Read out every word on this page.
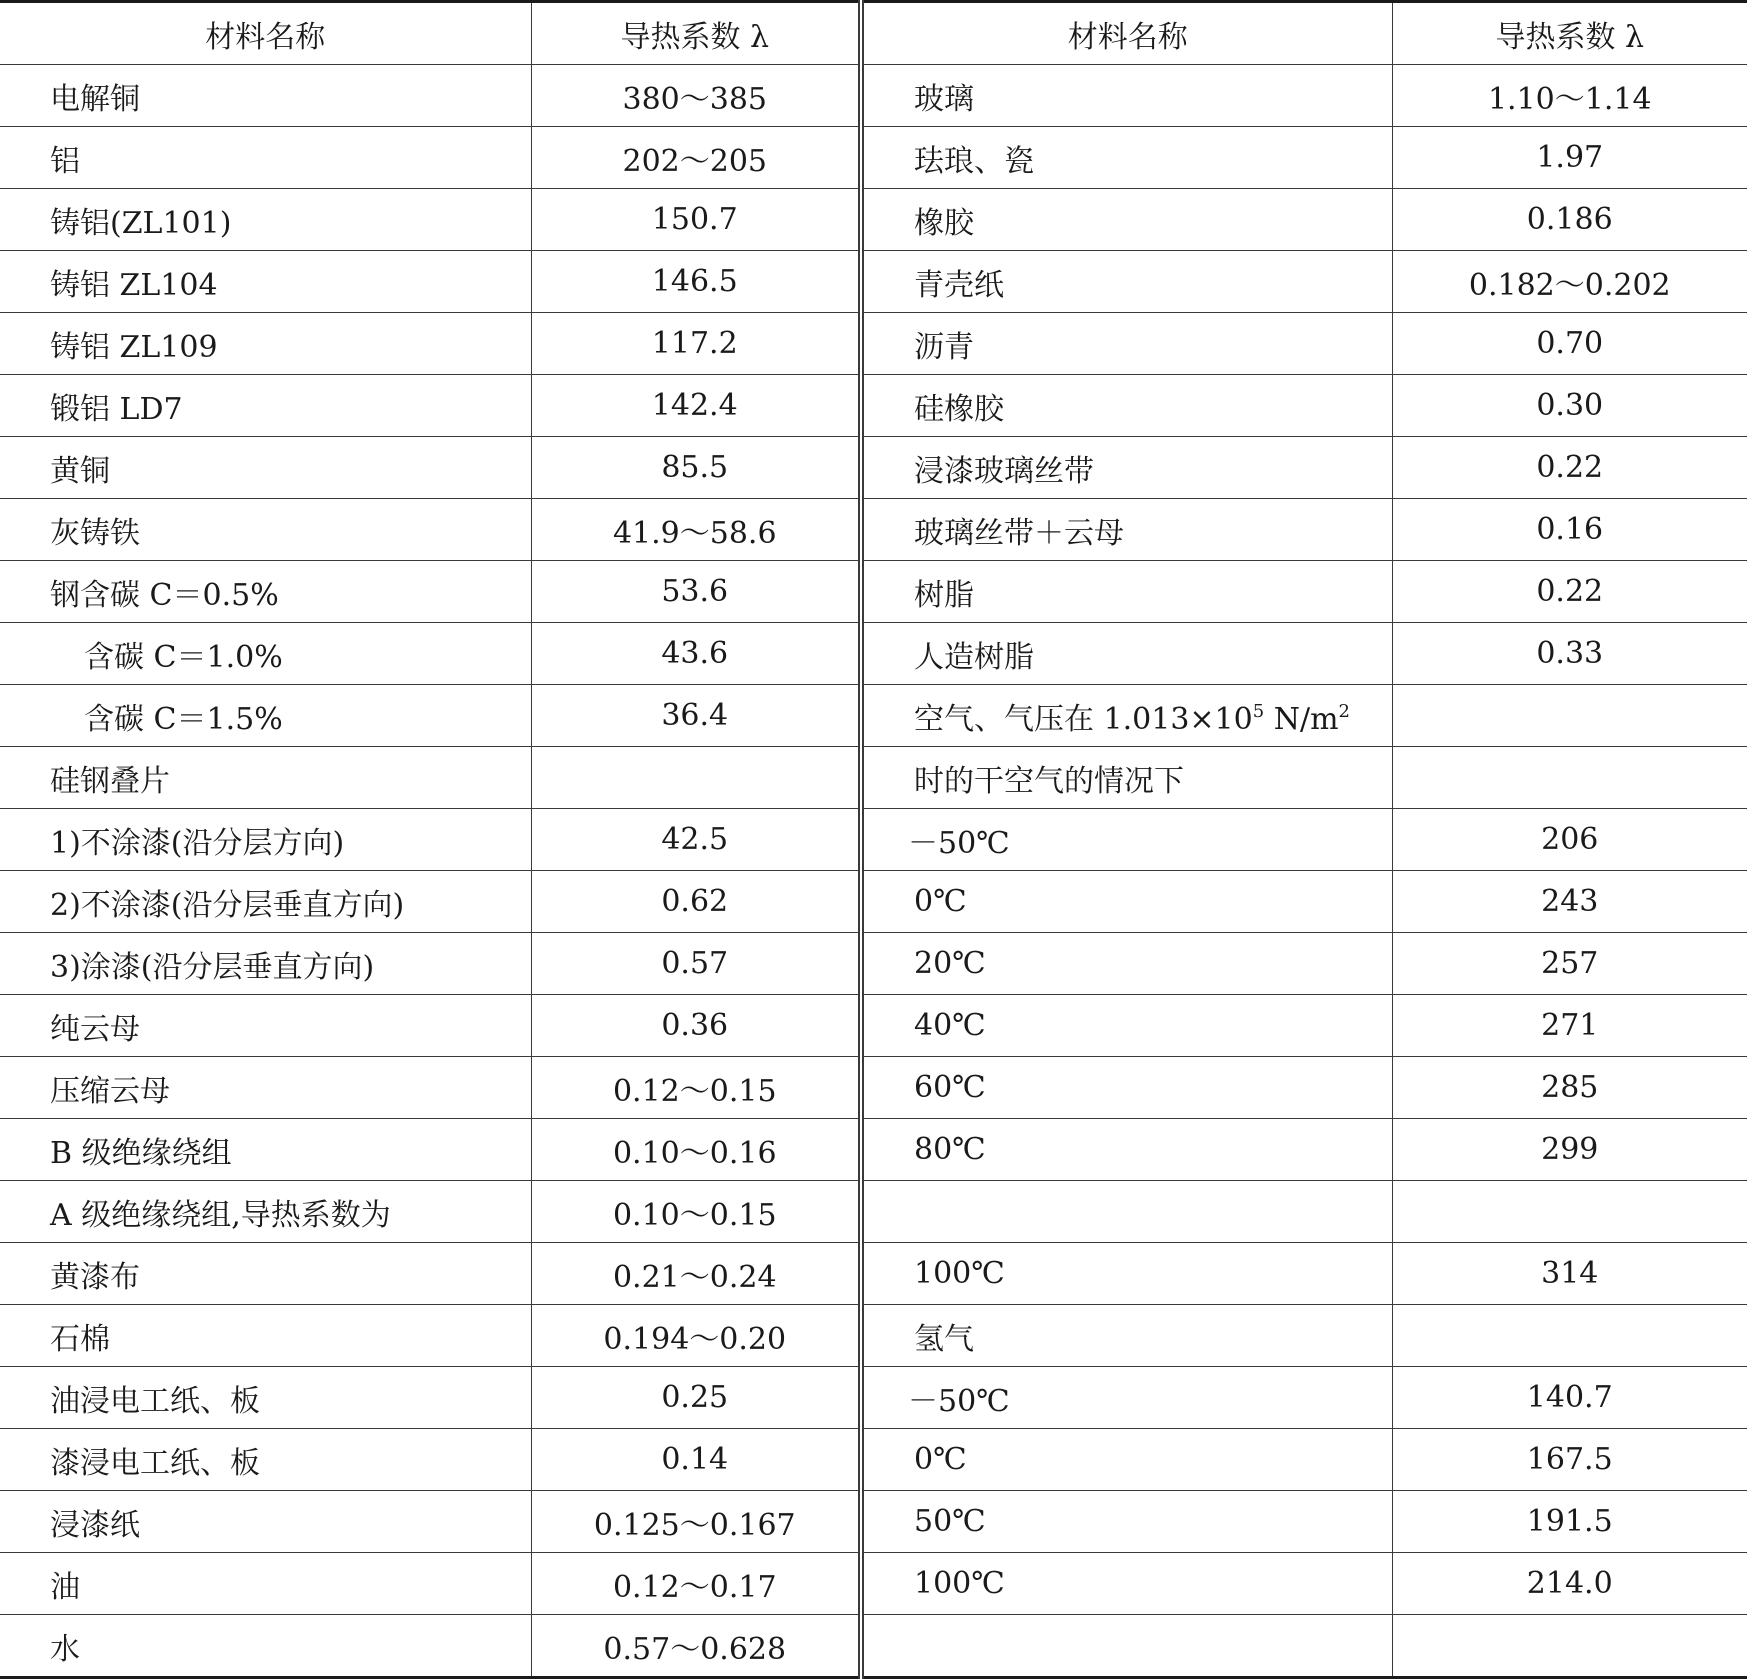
材料名称	导热系数 λ	材料名称	导热系数 λ
电解铜	380～385	玻璃	1.10～1.14
铝	202～205	珐琅、瓷	1.97
铸铝(ZL101)	150.7	橡胶	0.186
铸铝 ZL104	146.5	青壳纸	0.182～0.202
铸铝 ZL109	117.2	沥青	0.70
锻铝 LD7	142.4	硅橡胶	0.30
黄铜	85.5	浸漆玻璃丝带	0.22
灰铸铁	41.9～58.6	玻璃丝带＋云母	0.16
钢含碳 C＝0.5%	53.6	树脂	0.22
含碳 C＝1.0%	43.6	人造树脂	0.33
含碳 C＝1.5%	36.4	空气、气压在 $1.013\times 10^5$ $N/m^2$	
硅钢叠片		时的干空气的情况下	
1)不涂漆(沿分层方向)	42.5	－50℃	206
2)不涂漆(沿分层垂直方向)	0.62	0℃	243
3)涂漆(沿分层垂直方向)	0.57	20℃	257
纯云母	0.36	40℃	271
压缩云母	0.12～0.15	60℃	285
B 级绝缘绕组	0.10～0.16	80℃	299
A 级绝缘绕组,导热系数为	0.10～0.15		
黄漆布	0.21～0.24	100℃	314
石棉	0.194～0.20	氢气	
油浸电工纸、板	0.25	－50℃	140.7
漆浸电工纸、板	0.14	0℃	167.5
浸漆纸	0.125～0.167	50℃	191.5
油	0.12～0.17	100℃	214.0
水	0.57～0.628		
